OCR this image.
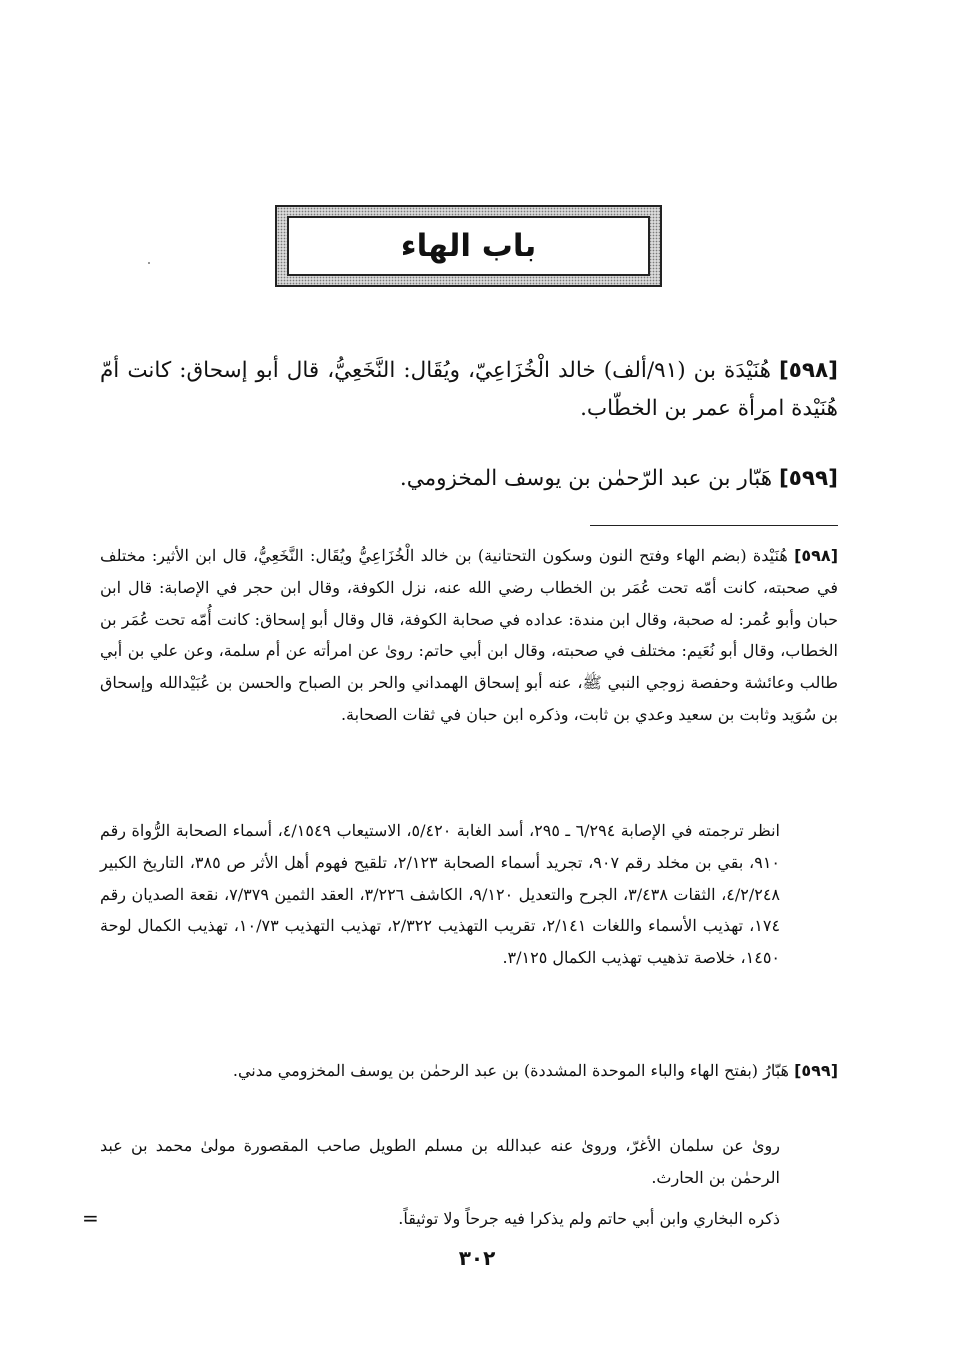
باب الهاء

[٥٩٨] هُنَيْدَة بن (٩١/ألف) خالد الْخُزَاعِيّ، ويُقَال: النَّخَعِيُّ، قال أبو إسحاق: كانت أمّ هُنَيْدة امرأة عمر بن الخطّاب.

[٥٩٩] هَبّار بن عبد الرّحمٰن بن يوسف المخزومي.

[٥٩٨] هُنَيْدة (بضم الهاء وفتح النون وسكون التحتانية) بن خالد الْخُزَاعِيُّ ويُقَال: النَّخَعِيُّ، قال ابن الأثير: مختلف في صحبته، كانت أمّه تحت عُمَر بن الخطاب رضي الله عنه، نزل الكوفة، وقال ابن حجر في الإصابة: قال ابن حبان وأبو عُمر: له صحبة، وقال ابن مندة: عداده في صحابة الكوفة، قال وقال أبو إسحاق: كانت أُمّه تحت عُمَر بن الخطاب، وقال أبو نُعَيم: مختلف في صحبته، وقال ابن أبي حاتم: روىٰ عن امرأته عن أم سلمة، وعن علي بن أبي طالب وعائشة وحفصة زوجي النبي ﷺ، عنه أبو إسحاق الهمداني والحر بن الصباح والحسن بن عُبَيْدالله وإسحاق بن سُوَيد وثابت بن سعيد وعدي بن ثابت، وذكره ابن حبان في ثقات الصحابة.

انظر ترجمته في الإصابة ٦/٢٩٤ ـ ٢٩٥، أسد الغابة ٥/٤٢٠، الاستيعاب ٤/١٥٤٩، أسماء الصحابة الرُّواة رقم ٩١٠، بقي بن مخلد رقم ٩٠٧، تجريد أسماء الصحابة ٢/١٢٣، تلقيح فهوم أهل الأثر ص ٣٨٥، التاريخ الكبير ٤/٢/٢٤٨، الثقات ٣/٤٣٨، الجرح والتعديل ٩/١٢٠، الكاشف ٣/٢٢٦، العقد الثمين ٧/٣٧٩، نقعة الصديان رقم ١٧٤، تهذيب الأسماء واللغات ٢/١٤١، تقريب التهذيب ٢/٣٢٢، تهذيب التهذيب ١٠/٧٣، تهذيب الكمال لوحة ١٤٥٠، خلاصة تذهيب تهذيب الكمال ٣/١٢٥.

[٥٩٩] هَبّارُ (بفتح الهاء والباء الموحدة المشددة) بن عبد الرحمٰن بن يوسف المخزومي مدني.

روىٰ عن سلمان الأغرّ، وروىٰ عنه عبدالله بن مسلم الطويل صاحب المقصورة مولىٰ محمد بن عبد الرحمٰن بن الحارث.

ذكره البخاري وابن أبي حاتم ولم يذكرا فيه جرحاً ولا توثيقاً.

=
٣٠٢
